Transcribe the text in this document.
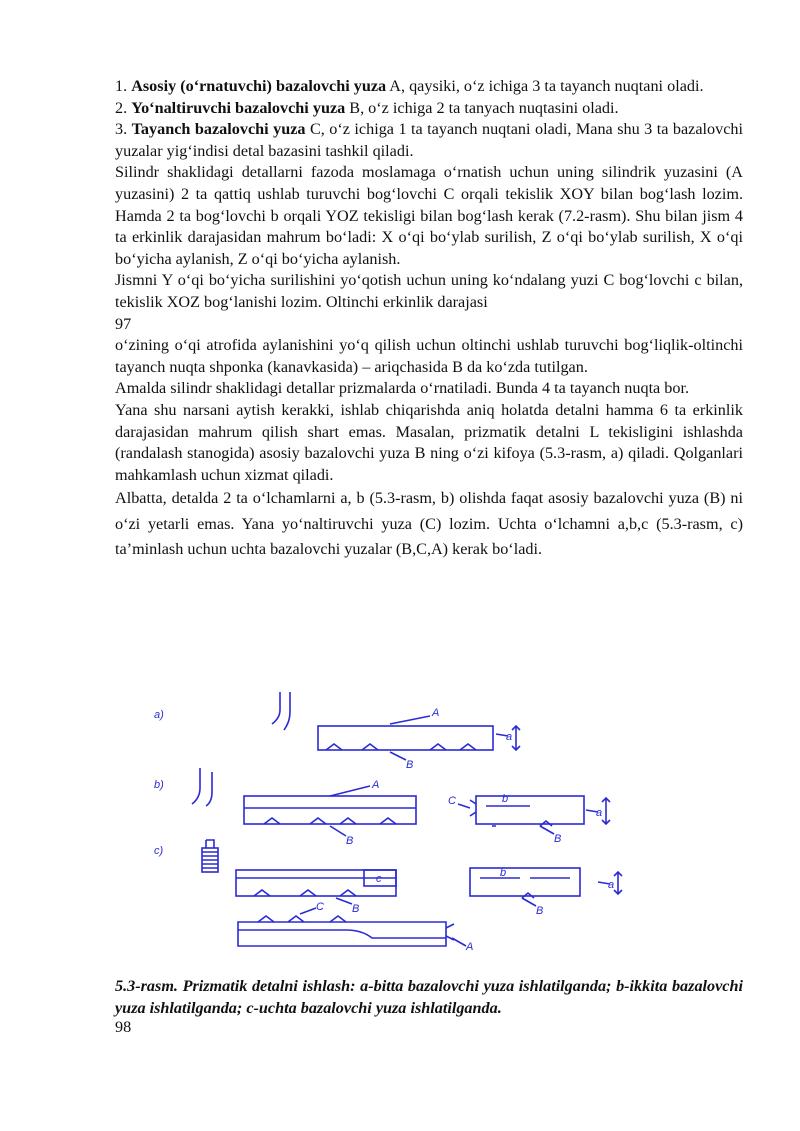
1. Asosiy (o‘rnatuvchi) bazalovchi yuza A, qaysiki, o‘z ichiga 3 ta tayanch nuqtani oladi.

2. Yo‘naltiruvchi bazalovchi yuza B, o‘z ichiga 2 ta tanyach nuqtasini oladi.

3. Tayanch bazalovchi yuza C, o‘z ichiga 1 ta tayanch nuqtani oladi, Mana shu 3 ta bazalovchi yuzalar yig‘indisi detal bazasini tashkil qiladi.

Silindr shaklidagi detallarni fazoda moslamaga o‘rnatish uchun uning silindrik yuzasini (A yuzasini) 2 ta qattiq ushlab turuvchi bog‘lovchi C orqali tekislik XOY bilan bog‘lash lozim. Hamda 2 ta bog‘lovchi b orqali YOZ tekisligi bilan bog‘lash kerak (7.2-rasm). Shu bilan jism 4 ta erkinlik darajasidan mahrum bo‘ladi: X o‘qi bo‘ylab surilish, Z o‘qi bo‘ylab surilish, X o‘qi bo‘yicha aylanish, Z o‘qi bo‘yicha aylanish.

Jismni Y o‘qi bo‘yicha surilishini yo‘qotish uchun uning ko‘ndalang yuzi C bog‘lovchi c bilan, tekislik XOZ bog‘lanishi lozim. Oltinchi erkinlik darajasi

97

o‘zining o‘qi atrofida aylanishini yo‘q qilish uchun oltinchi ushlab turuvchi bog‘liqlik-oltinchi tayanch nuqta shponka (kanavkasida) – ariqchasida B da ko‘zda tutilgan.

Amalda silindr shaklidagi detallar prizmalarda o‘rnatiladi. Bunda 4 ta tayanch nuqta bor.

Yana shu narsani aytish kerakki, ishlab chiqarishda aniq holatda detalni hamma 6 ta erkinlik darajasidan mahrum qilish shart emas. Masalan, prizmatik detalni L tekisligini ishlashda (randalash stanogida) asosiy bazalovchi yuza B ning o‘zi kifoya (5.3-rasm, a) qiladi. Qolganlari mahkamlash uchun xizmat qiladi.

Albatta, detalda 2 ta o‘lchamlarni a, b (5.3-rasm, b) olishda faqat asosiy bazalovchi yuza (B) ni o‘zi yetarli emas. Yana yo‘naltiruvchi yuza (C) lozim. Uchta o‘lchamni a,b,c (5.3-rasm, c) ta’minlash uchun uchta bazalovchi yuzalar (B,C,A) kerak bo‘ladi.

a)
b)
c)
A
B
A
B
C
B
B	B
C
A
c
b
b
a
a
a
5.3-rasm. Prizmatik detalni ishlash: a-bitta bazalovchi yuza ishlatilganda; b-ikkita bazalovchi yuza ishlatilganda; c-uchta bazalovchi yuza ishlatilganda.
98
